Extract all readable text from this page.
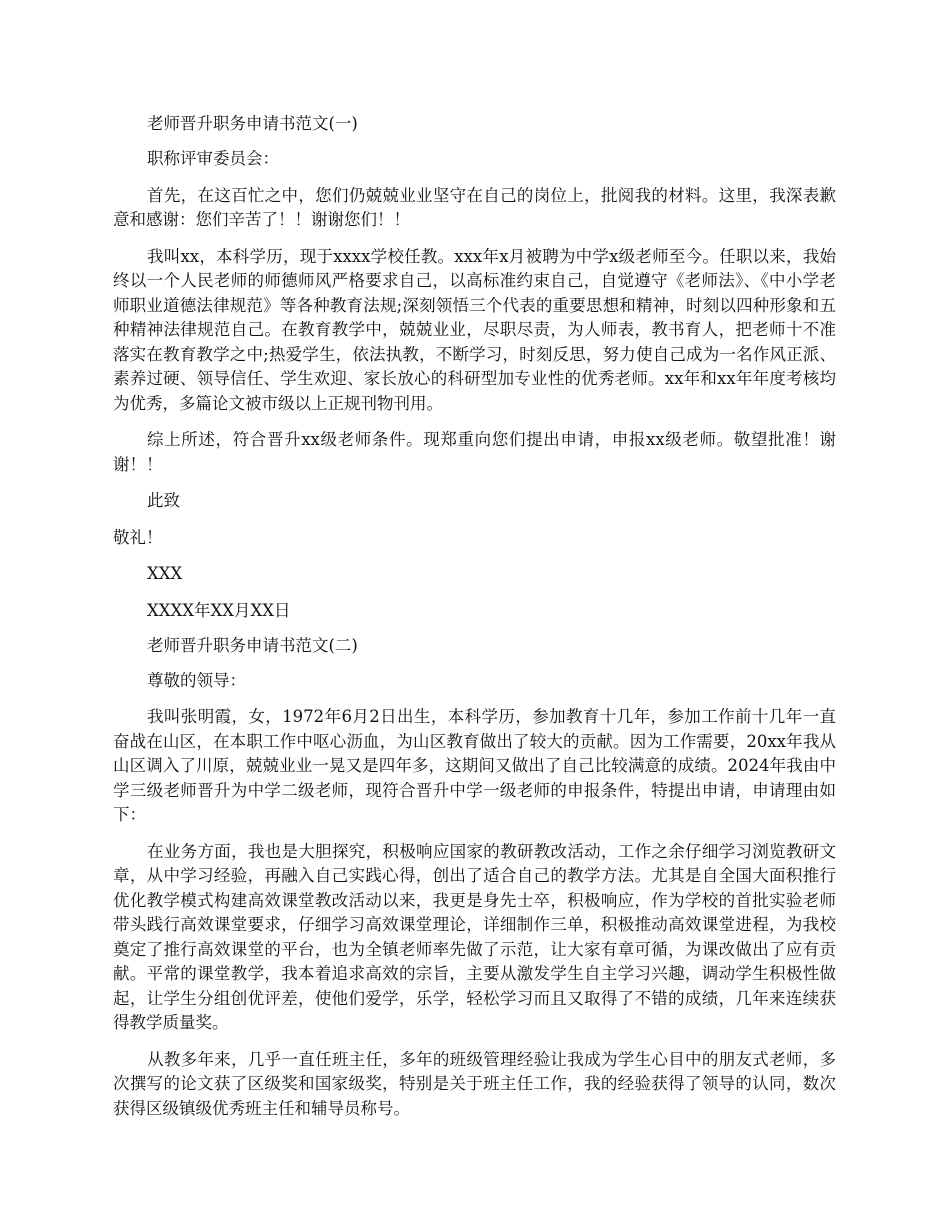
老师晋升职务申请书范文(一)

职称评审委员会：

首先，在这百忙之中，您们仍兢兢业业坚守在自己的岗位上，批阅我的材料。这里，我深表歉意和感谢：您们辛苦了！！谢谢您们！！

我叫xx，本科学历，现于xxxx学校任教。xxx年x月被聘为中学x级老师至今。任职以来，我始终以一个人民老师的师德师风严格要求自己，以高标准约束自己，自觉遵守《老师法》、《中小学老师职业道德法律规范》等各种教育法规;深刻领悟三个代表的重要思想和精神，时刻以四种形象和五种精神法律规范自己。在教育教学中，兢兢业业，尽职尽责，为人师表，教书育人，把老师十不准落实在教育教学之中;热爱学生，依法执教，不断学习，时刻反思，努力使自己成为一名作风正派、素养过硬、领导信任、学生欢迎、家长放心的科研型加专业性的优秀老师。xx年和xx年年度考核均为优秀，多篇论文被市级以上正规刊物刊用。

综上所述，符合晋升xx级老师条件。现郑重向您们提出申请，申报xx级老师。敬望批准！谢谢！！

此致

敬礼！

XXX

XXXX年XX月XX日

老师晋升职务申请书范文(二)

尊敬的领导：

我叫张明霞，女，1972年6月2日出生，本科学历，参加教育十几年，参加工作前十几年一直奋战在山区，在本职工作中呕心沥血，为山区教育做出了较大的贡献。因为工作需要，20xx年我从山区调入了川原，兢兢业业一晃又是四年多，这期间又做出了自己比较满意的成绩。2024年我由中学三级老师晋升为中学二级老师，现符合晋升中学一级老师的申报条件，特提出申请，申请理由如下：

在业务方面，我也是大胆探究，积极响应国家的教研教改活动，工作之余仔细学习浏览教研文章，从中学习经验，再融入自己实践心得，创出了适合自己的教学方法。尤其是自全国大面积推行优化教学模式构建高效课堂教改活动以来，我更是身先士卒，积极响应，作为学校的首批实验老师带头践行高效课堂要求，仔细学习高效课堂理论，详细制作三单，积极推动高效课堂进程，为我校奠定了推行高效课堂的平台，也为全镇老师率先做了示范，让大家有章可循，为课改做出了应有贡献。平常的课堂教学，我本着追求高效的宗旨，主要从激发学生自主学习兴趣，调动学生积极性做起，让学生分组创优评差，使他们爱学，乐学，轻松学习而且又取得了不错的成绩，几年来连续获得教学质量奖。

从教多年来，几乎一直任班主任，多年的班级管理经验让我成为学生心目中的朋友式老师，多次撰写的论文获了区级奖和国家级奖，特别是关于班主任工作，我的经验获得了领导的认同，数次获得区级镇级优秀班主任和辅导员称号。
